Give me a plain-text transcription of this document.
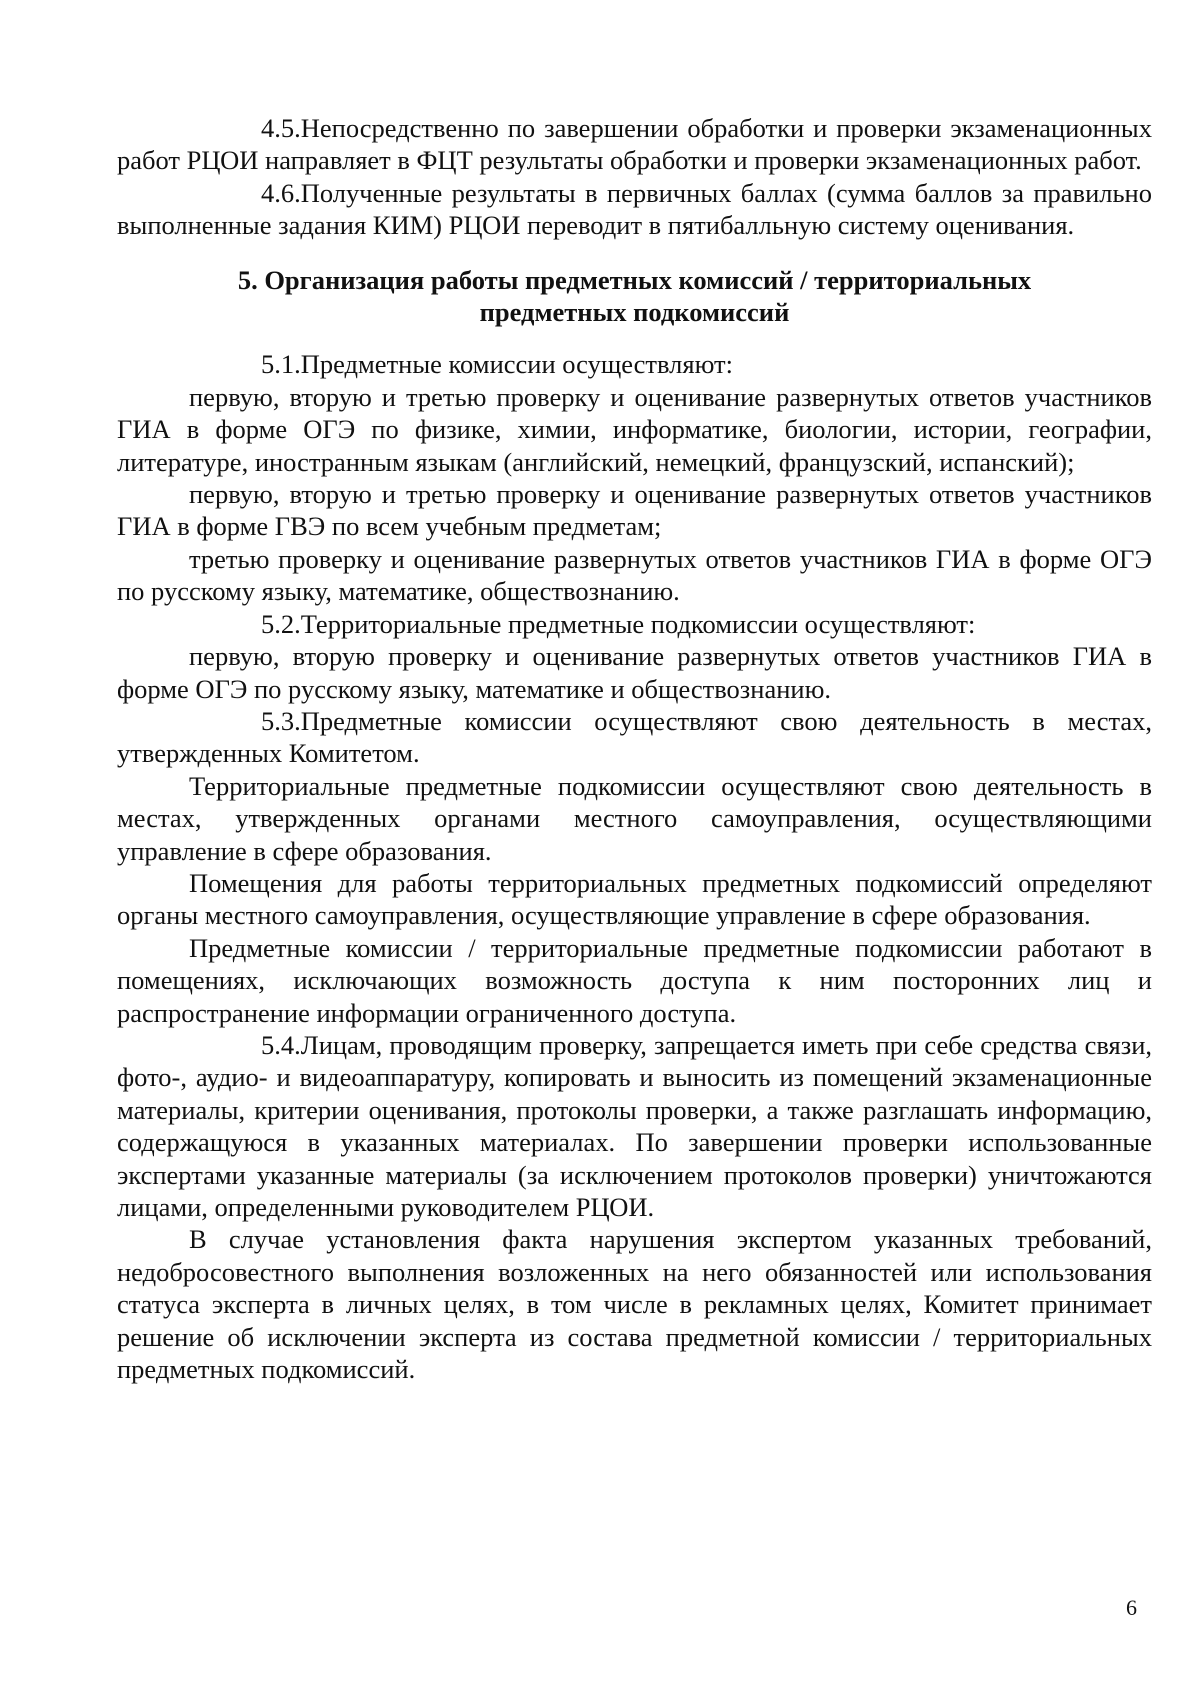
4.5.Непосредственно по завершении обработки и проверки экзаменационных работ РЦОИ направляет в ФЦТ результаты обработки и проверки экзаменационных работ.

4.6.Полученные результаты в первичных баллах (сумма баллов за правильно выполненные задания КИМ) РЦОИ переводит в пятибалльную систему оценивания.

5. Организация работы предметных комиссий / территориальных
предметных подкомиссий

5.1.Предметные комиссии осуществляют:

первую, вторую и третью проверку и оценивание развернутых ответов участников ГИА в форме ОГЭ по физике, химии, информатике, биологии, истории, географии, литературе, иностранным языкам (английский, немецкий, французский, испанский);

первую, вторую и третью проверку и оценивание развернутых ответов участников ГИА в форме ГВЭ по всем учебным предметам;

третью проверку и оценивание развернутых ответов участников ГИА в форме ОГЭ по русскому языку, математике, обществознанию.

5.2.Территориальные предметные подкомиссии осуществляют:

первую, вторую проверку и оценивание развернутых ответов участников ГИА в форме ОГЭ по русскому языку, математике и обществознанию.

5.3.Предметные комиссии осуществляют свою деятельность в местах, утвержденных Комитетом.

Территориальные предметные подкомиссии осуществляют свою деятельность в местах, утвержденных органами местного самоуправления, осуществляющими управление в сфере образования.

Помещения для работы территориальных предметных подкомиссий определяют органы местного самоуправления, осуществляющие управление в сфере образования.

Предметные комиссии / территориальные предметные подкомиссии работают в помещениях, исключающих возможность доступа к ним посторонних лиц и распространение информации ограниченного доступа.

5.4.Лицам, проводящим проверку, запрещается иметь при себе средства связи, фото-, аудио- и видеоаппаратуру, копировать и выносить из помещений экзаменационные материалы, критерии оценивания, протоколы проверки, а также разглашать информацию, содержащуюся в указанных материалах. По завершении проверки использованные экспертами указанные материалы (за исключением протоколов проверки) уничтожаются лицами, определенными руководителем РЦОИ.

В случае установления факта нарушения экспертом указанных требований, недобросовестного выполнения возложенных на него обязанностей или использования статуса эксперта в личных целях, в том числе в рекламных целях, Комитет принимает решение об исключении эксперта из состава предметной комиссии / территориальных предметных подкомиссий.

6
